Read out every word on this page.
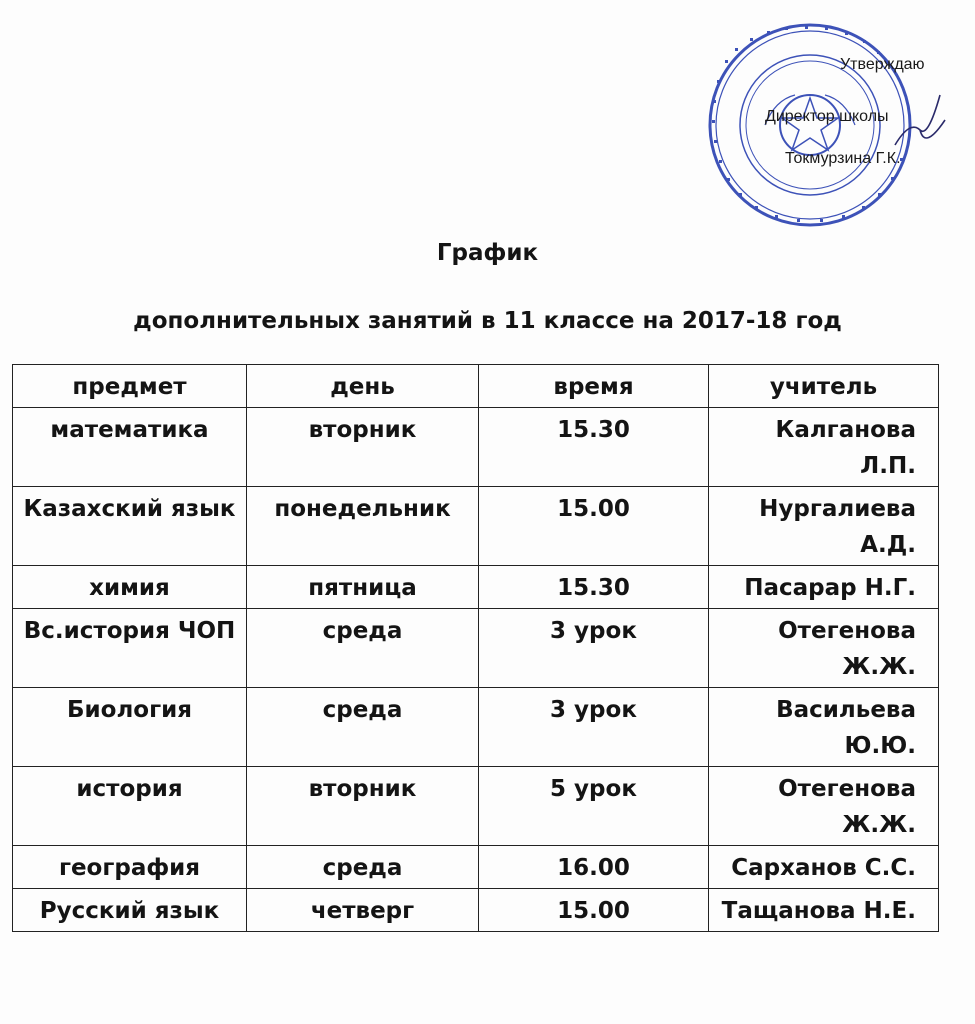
Утверждаю
Директор школы
Токмурзина Г.К.
График
дополнительных занятий в 11 классе на 2017-18 год
предмет	день	время	учитель
математика	вторник	15.30	Калганова Л.П.
Казахский язык	понедельник	15.00	Нургалиева А.Д.
химия	пятница	15.30	Пасарар Н.Г.
Вс.история ЧОП	среда	3 урок	Отегенова Ж.Ж.
Биология	среда	3 урок	Васильева Ю.Ю.
история	вторник	5 урок	Отегенова Ж.Ж.
география	среда	16.00	Сарханов С.С.
Русский язык	четверг	15.00	Тащанова Н.Е.
